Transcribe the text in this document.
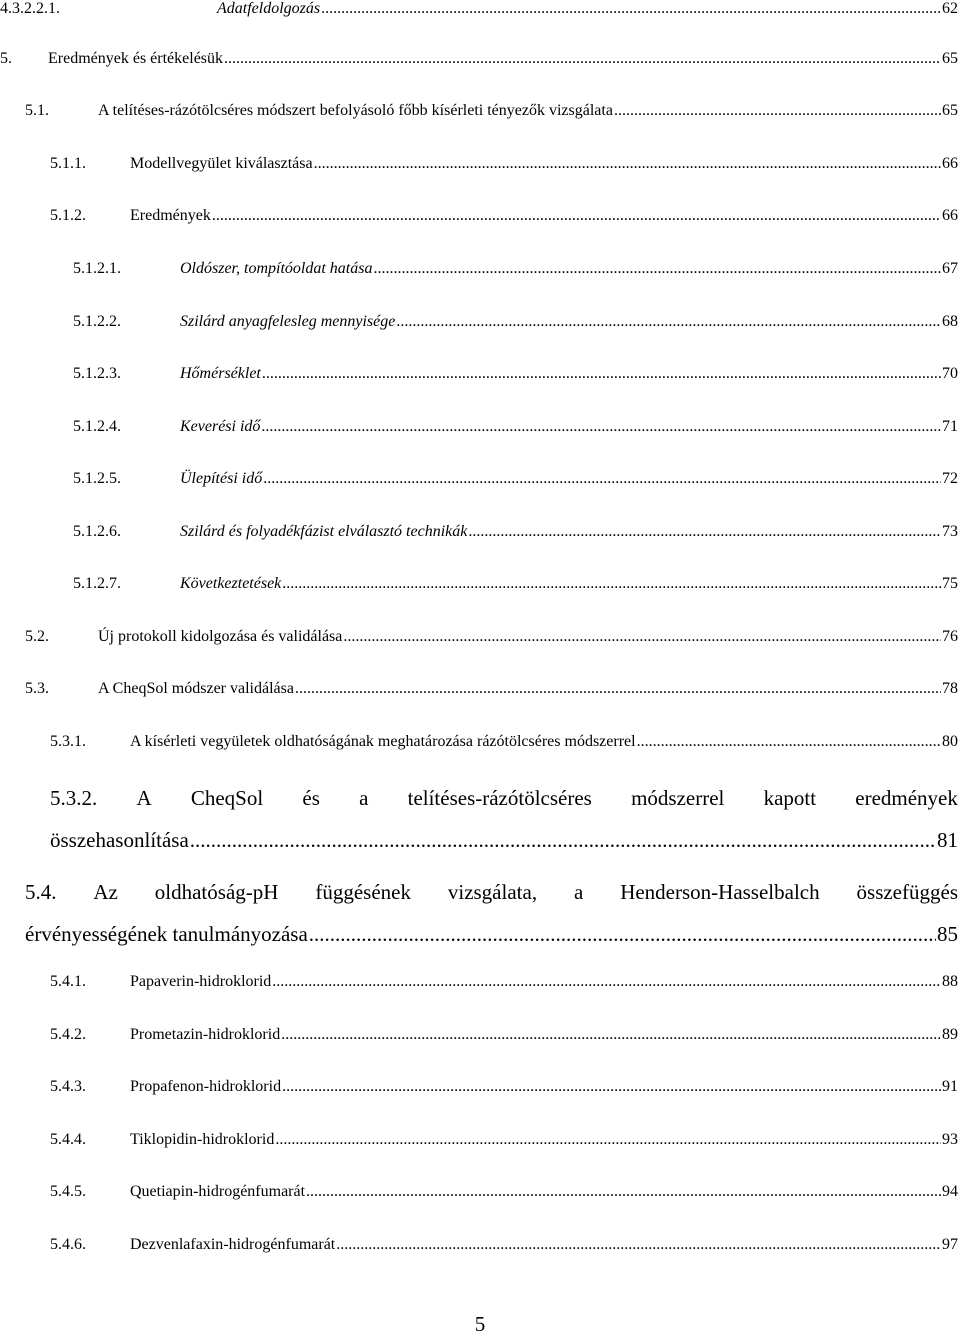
4.3.2.2.1.	Adatfeldolgozás .....	62
5.	Eredmények és értékelésük .....	65
5.1.	A telítéses-rázótölcséres módszert befolyásoló főbb kísérleti tényezők vizsgálata .....	65
5.1.1.	Modellvegyület kiválasztása .....	66
5.1.2.	Eredmények .....	66
5.1.2.1.	Oldószer, tompítóoldat hatása .....	67
5.1.2.2.	Szilárd anyagfelesleg mennyisége .....	68
5.1.2.3.	Hőmérséklet .....	70
5.1.2.4.	Keverési idő .....	71
5.1.2.5.	Ülepítési idő .....	72
5.1.2.6.	Szilárd és folyadékfázist elválasztó technikák .....	73
5.1.2.7.	Következtetések .....	75
5.2.	Új protokoll kidolgozása és validálása .....	76
5.3.	A CheqSol módszer validálása .....	78
5.3.1.	A kísérleti vegyületek oldhatóságának meghatározása rázótölcséres módszerrel .....	80
5.3.2. A CheqSol és a telítéses-rázótölcséres módszerrel kapott eredmények
összehasonlítása .....	81
5.4. Az oldhatóság-pH függésének vizsgálata, a Henderson-Hasselbalch összefüggés
érvényességének tanulmányozása .....	85
5.4.1.	Papaverin-hidroklorid .....	88
5.4.2.	Prometazin-hidroklorid .....	89
5.4.3.	Propafenon-hidroklorid .....	91
5.4.4.	Tiklopidin-hidroklorid .....	93
5.4.5.	Quetiapin-hidrogénfumarát .....	94
5.4.6.	Dezvenlafaxin-hidrogénfumarát .....	97
5
